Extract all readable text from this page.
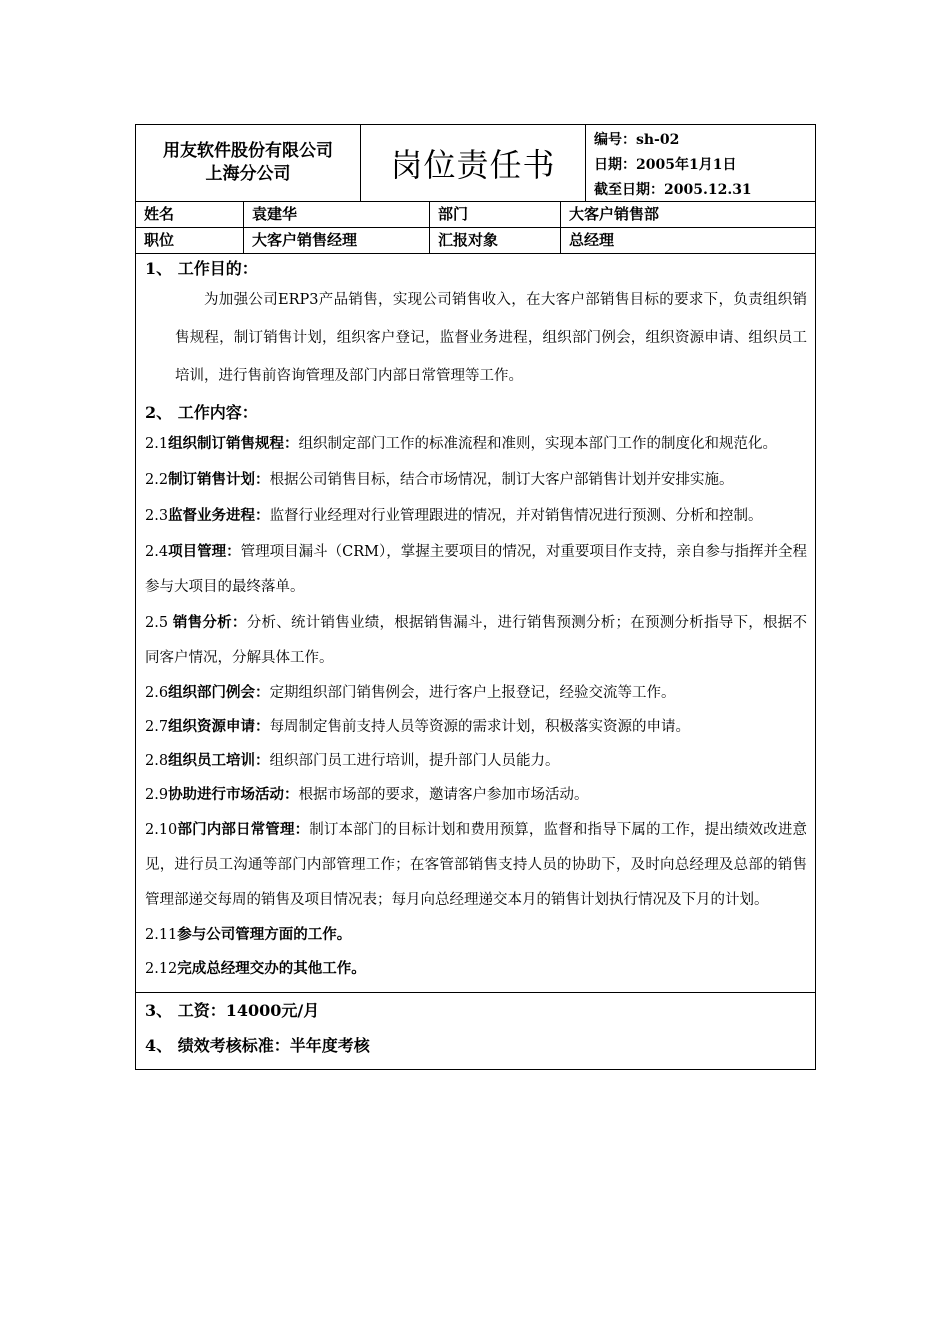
用友软件股份有限公司
上海分公司	岗位责任书
编号：sh-02
日期：2005年1月1日
截至日期：2005.12.31
姓名	袁建华	部门	大客户销售部
职位	大客户销售经理	汇报对象	总经理
1、 工作目的：
为加强公司ERP3产品销售，实现公司销售收入，在大客户部销售目标的要求下，负责组织销售规程，制订销售计划，组织客户登记，监督业务进程，组织部门例会，组织资源申请、组织员工培训，进行售前咨询管理及部门内部日常管理等工作。
2、 工作内容：
2.1组织制订销售规程：组织制定部门工作的标准流程和准则，实现本部门工作的制度化和规范化。
2.2制订销售计划：根据公司销售目标，结合市场情况，制订大客户部销售计划并安排实施。
2.3监督业务进程：监督行业经理对行业管理跟进的情况，并对销售情况进行预测、分析和控制。
2.4项目管理：管理项目漏斗（CRM），掌握主要项目的情况，对重要项目作支持，亲自参与指挥并全程参与大项目的最终落单。
2.5 销售分析：分析、统计销售业绩，根据销售漏斗，进行销售预测分析；在预测分析指导下，根据不同客户情况，分解具体工作。
2.6组织部门例会：定期组织部门销售例会，进行客户上报登记，经验交流等工作。
2.7组织资源申请：每周制定售前支持人员等资源的需求计划，积极落实资源的申请。
2.8组织员工培训：组织部门员工进行培训，提升部门人员能力。
2.9协助进行市场活动：根据市场部的要求，邀请客户参加市场活动。
2.10部门内部日常管理：制订本部门的目标计划和费用预算，监督和指导下属的工作，提出绩效改进意见，进行员工沟通等部门内部管理工作；在客管部销售支持人员的协助下，及时向总经理及总部的销售管理部递交每周的销售及项目情况表；每月向总经理递交本月的销售计划执行情况及下月的计划。
2.11参与公司管理方面的工作。
2.12完成总经理交办的其他工作。
3、 工资：14000元/月
4、 绩效考核标准：半年度考核
